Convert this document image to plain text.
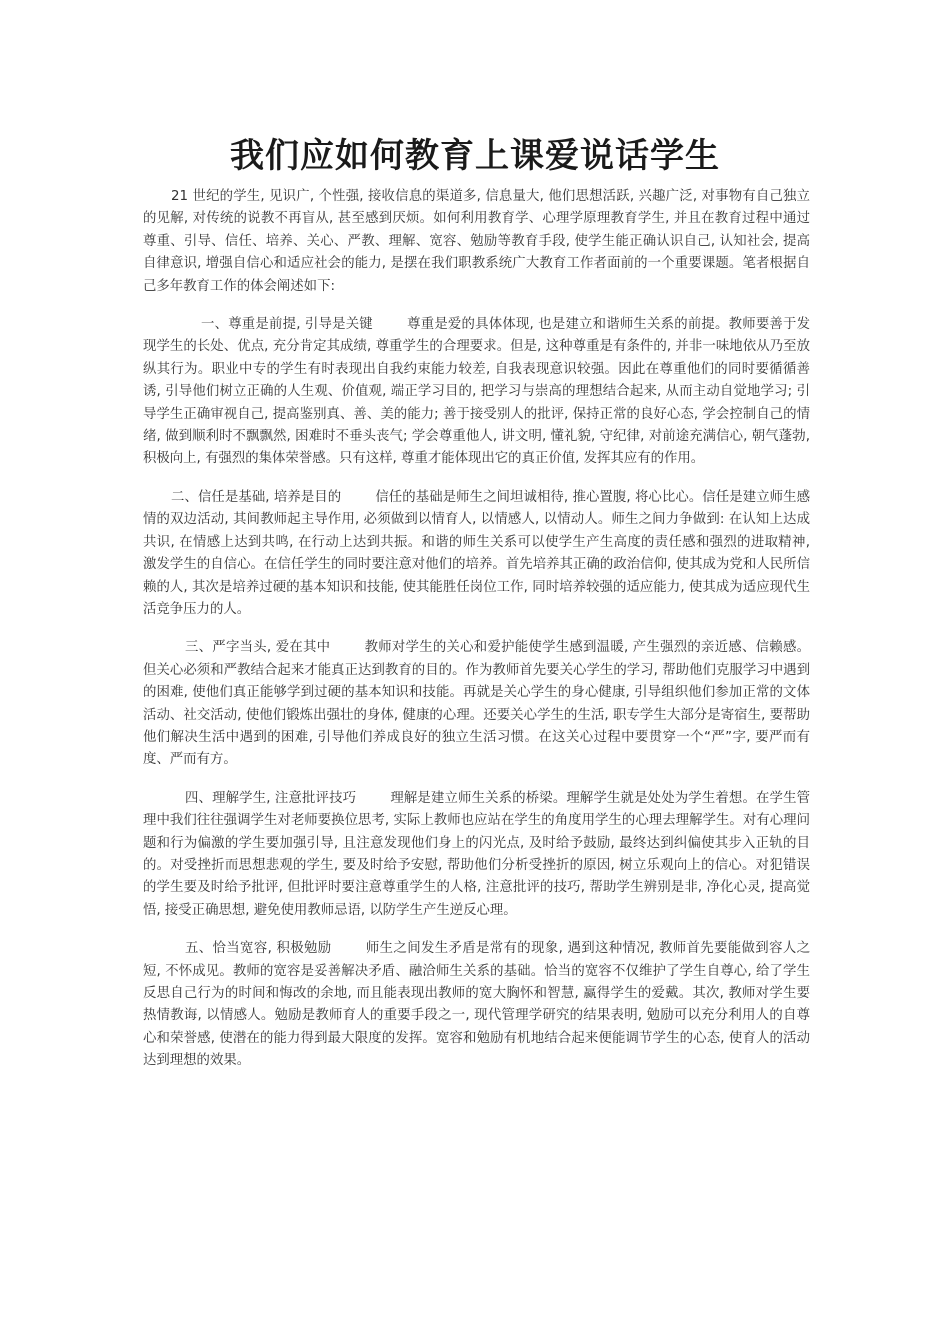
我们应如何教育上课爱说话学生

21 世纪的学生, 见识广, 个性强, 接收信息的渠道多, 信息量大, 他们思想活跃, 兴趣广泛, 对事物有自己独立的见解, 对传统的说教不再盲从, 甚至感到厌烦。如何利用教育学、心理学原理教育学生, 并且在教育过程中通过尊重、引导、信任、培养、关心、严教、理解、宽容、勉励等教育手段, 使学生能正确认识自己, 认知社会, 提高自律意识, 增强自信心和适应社会的能力, 是摆在我们职教系统广大教育工作者面前的一个重要课题。笔者根据自己多年教育工作的体会阐述如下:

一、尊重是前提, 引导是关键	尊重是爱的具体体现, 也是建立和谐师生关系的前提。教师要善于发现学生的长处、优点, 充分肯定其成绩, 尊重学生的合理要求。但是, 这种尊重是有条件的, 并非一味地依从乃至放纵其行为。职业中专的学生有时表现出自我约束能力较差, 自我表现意识较强。因此在尊重他们的同时要循循善诱, 引导他们树立正确的人生观、价值观, 端正学习目的, 把学习与崇高的理想结合起来, 从而主动自觉地学习; 引导学生正确审视自己, 提高鉴别真、善、美的能力; 善于接受别人的批评, 保持正常的良好心态, 学会控制自己的情绪, 做到顺利时不飘飘然, 困难时不垂头丧气; 学会尊重他人, 讲文明, 懂礼貌, 守纪律, 对前途充满信心, 朝气蓬勃, 积极向上, 有强烈的集体荣誉感。只有这样, 尊重才能体现出它的真正价值, 发挥其应有的作用。

二、信任是基础, 培养是目的	信任的基础是师生之间坦诚相待, 推心置腹, 将心比心。信任是建立师生感情的双边活动, 其间教师起主导作用, 必须做到以情育人, 以情感人, 以情动人。师生之间力争做到: 在认知上达成共识, 在情感上达到共鸣, 在行动上达到共振。和谐的师生关系可以使学生产生高度的责任感和强烈的进取精神, 激发学生的自信心。在信任学生的同时要注意对他们的培养。首先培养其正确的政治信仰, 使其成为党和人民所信赖的人, 其次是培养过硬的基本知识和技能, 使其能胜任岗位工作, 同时培养较强的适应能力, 使其成为适应现代生活竞争压力的人。

三、严字当头, 爱在其中	教师对学生的关心和爱护能使学生感到温暖, 产生强烈的亲近感、信赖感。但关心必须和严教结合起来才能真正达到教育的目的。作为教师首先要关心学生的学习, 帮助他们克服学习中遇到的困难, 使他们真正能够学到过硬的基本知识和技能。再就是关心学生的身心健康, 引导组织他们参加正常的文体活动、社交活动, 使他们锻炼出强壮的身体, 健康的心理。还要关心学生的生活, 职专学生大部分是寄宿生, 要帮助他们解决生活中遇到的困难, 引导他们养成良好的独立生活习惯。在这关心过程中要贯穿一个“严”字, 要严而有度、严而有方。

四、理解学生, 注意批评技巧	理解是建立师生关系的桥梁。理解学生就是处处为学生着想。在学生管理中我们往往强调学生对老师要换位思考, 实际上教师也应站在学生的角度用学生的心理去理解学生。对有心理问题和行为偏激的学生要加强引导, 且注意发现他们身上的闪光点, 及时给予鼓励, 最终达到纠偏使其步入正轨的目的。对受挫折而思想悲观的学生, 要及时给予安慰, 帮助他们分析受挫折的原因, 树立乐观向上的信心。对犯错误的学生要及时给予批评, 但批评时要注意尊重学生的人格, 注意批评的技巧, 帮助学生辨别是非, 净化心灵, 提高觉悟, 接受正确思想, 避免使用教师忌语, 以防学生产生逆反心理。

五、恰当宽容, 积极勉励	师生之间发生矛盾是常有的现象, 遇到这种情况, 教师首先要能做到容人之短, 不怀成见。教师的宽容是妥善解决矛盾、融洽师生关系的基础。恰当的宽容不仅维护了学生自尊心, 给了学生反思自己行为的时间和悔改的余地, 而且能表现出教师的宽大胸怀和智慧, 赢得学生的爱戴。其次, 教师对学生要热情教诲, 以情感人。勉励是教师育人的重要手段之一, 现代管理学研究的结果表明, 勉励可以充分利用人的自尊心和荣誉感, 使潜在的能力得到最大限度的发挥。宽容和勉励有机地结合起来便能调节学生的心态, 使育人的活动达到理想的效果。
